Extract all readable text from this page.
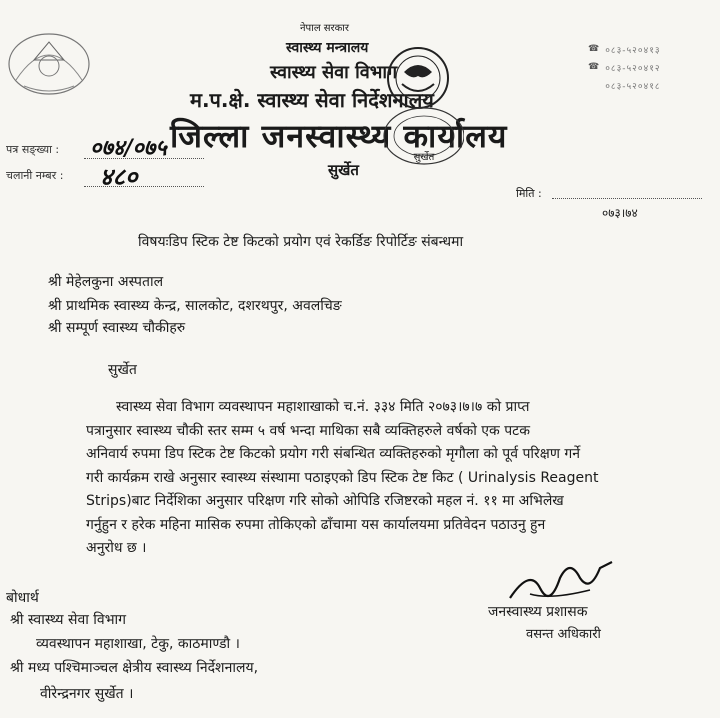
नेपाल सरकार
स्वास्थ्य मन्त्रालय
स्वास्थ्य सेवा विभाग
म.प.क्षे. स्वास्थ्य सेवा निर्देशनालय
जिल्ला जनस्वास्थ्य कार्यालय
सुर्खेत
सुर्खेत
☎ ०८३-५२०४१३
☎ ०८३-५२०४१२
०८३-५२०४१८
पत्र सङ्ख्या : ०७४/०७५
चलानी नम्बर : ४८०
मिति :
०७३।७४
विषयःडिप स्टिक टेष्ट किटको प्रयोग एवं रेकर्डिङ रिपोर्टिङ संबन्धमा
श्री मेहेलकुना अस्पताल
श्री प्राथमिक स्वास्थ्य केन्द्र, सालकोट, दशरथपुर, अवलचिङ
श्री सम्पूर्ण स्वास्थ्य चौकीहरु
सुर्खेत
स्वास्थ्य सेवा विभाग व्यवस्थापन महाशाखाको च.नं. ३३४ मिति २०७३।७।७ को प्राप्त
पत्रानुसार स्वास्थ्य चौकी स्तर सम्म ५ वर्ष भन्दा माथिका सबै व्यक्तिहरुले वर्षको एक पटक
अनिवार्य रुपमा डिप स्टिक टेष्ट किटको प्रयोग गरी संबन्धित व्यक्तिहरुको मृगौला को पूर्व परिक्षण गर्ने
गरी कार्यक्रम राखे अनुसार स्वास्थ्य संस्थामा पठाइएको डिप स्टिक टेष्ट किट ( Urinalysis Reagent
Strips)बाट निर्देशिका अनुसार परिक्षण गरि सोको ओपिडि रजिष्टरको महल नं. ११ मा अभिलेख
गर्नुहुन र हरेक महिना मासिक रुपमा तोकिएको ढाँचामा यस कार्यालयमा प्रतिवेदन पठाउनु हुन
अनुरोध छ ।
जनस्वास्थ्य प्रशासक
वसन्त अधिकारी
बोधार्थ
श्री स्वास्थ्य सेवा विभाग
व्यवस्थापन महाशाखा, टेकु, काठमाण्डौ ।
श्री मध्य पश्चिमाञ्चल क्षेत्रीय स्वास्थ्य निर्देशनालय,
वीरेन्द्रनगर सुर्खेत ।
